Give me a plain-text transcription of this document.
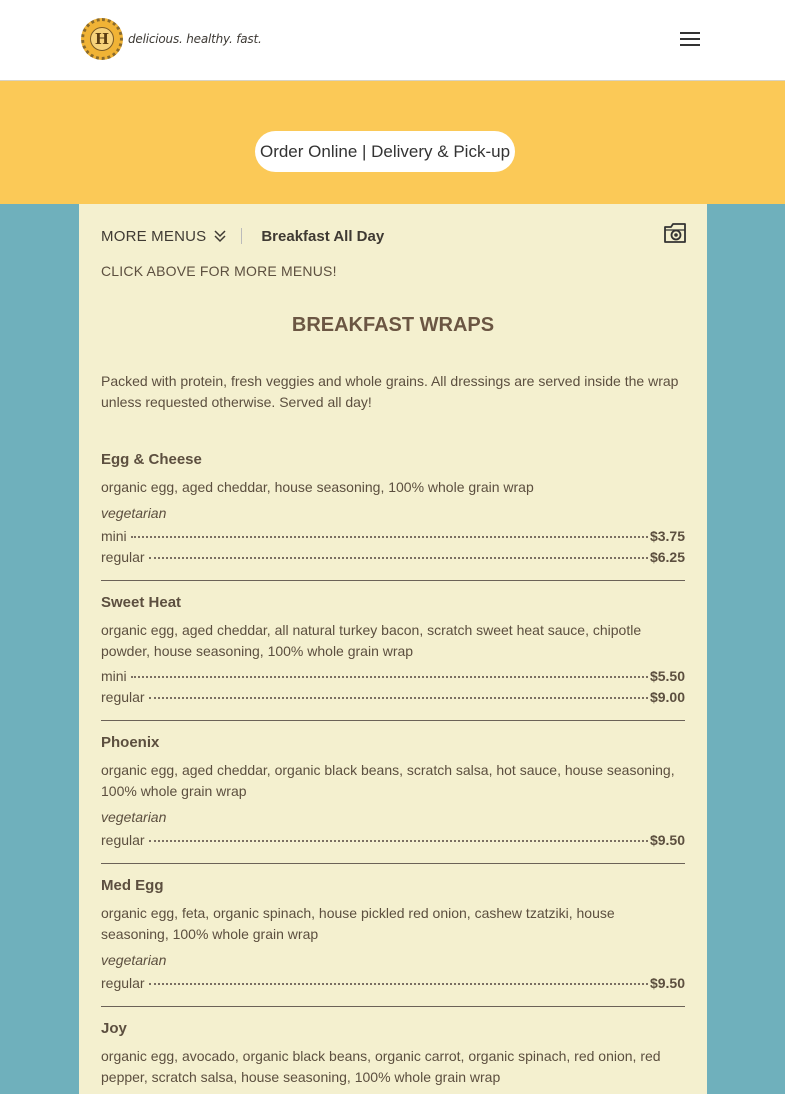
H	delicious. healthy. fast.
Order Online | Delivery & Pick-up
MORE MENUS	Breakfast All Day
CLICK ABOVE FOR MORE MENUS!
BREAKFAST WRAPS

Packed with protein, fresh veggies and whole grains. All dressings are served inside the wrap unless requested otherwise. Served all day!

Egg & Cheese
organic egg, aged cheddar, house seasoning, 100% whole grain wrap
vegetarian
mini	$3.75
regular	$6.25
Sweet Heat
organic egg, aged cheddar, all natural turkey bacon, scratch sweet heat sauce, chipotle powder, house seasoning, 100% whole grain wrap
mini	$5.50
regular	$9.00
Phoenix
organic egg, aged cheddar, organic black beans, scratch salsa, hot sauce, house seasoning, 100% whole grain wrap
vegetarian
regular	$9.50
Med Egg
organic egg, feta, organic spinach, house pickled red onion, cashew tzatziki, house seasoning, 100% whole grain wrap
vegetarian
regular	$9.50
Joy
organic egg, avocado, organic black beans, organic carrot, organic spinach, red onion, red pepper, scratch salsa, house seasoning, 100% whole grain wrap
